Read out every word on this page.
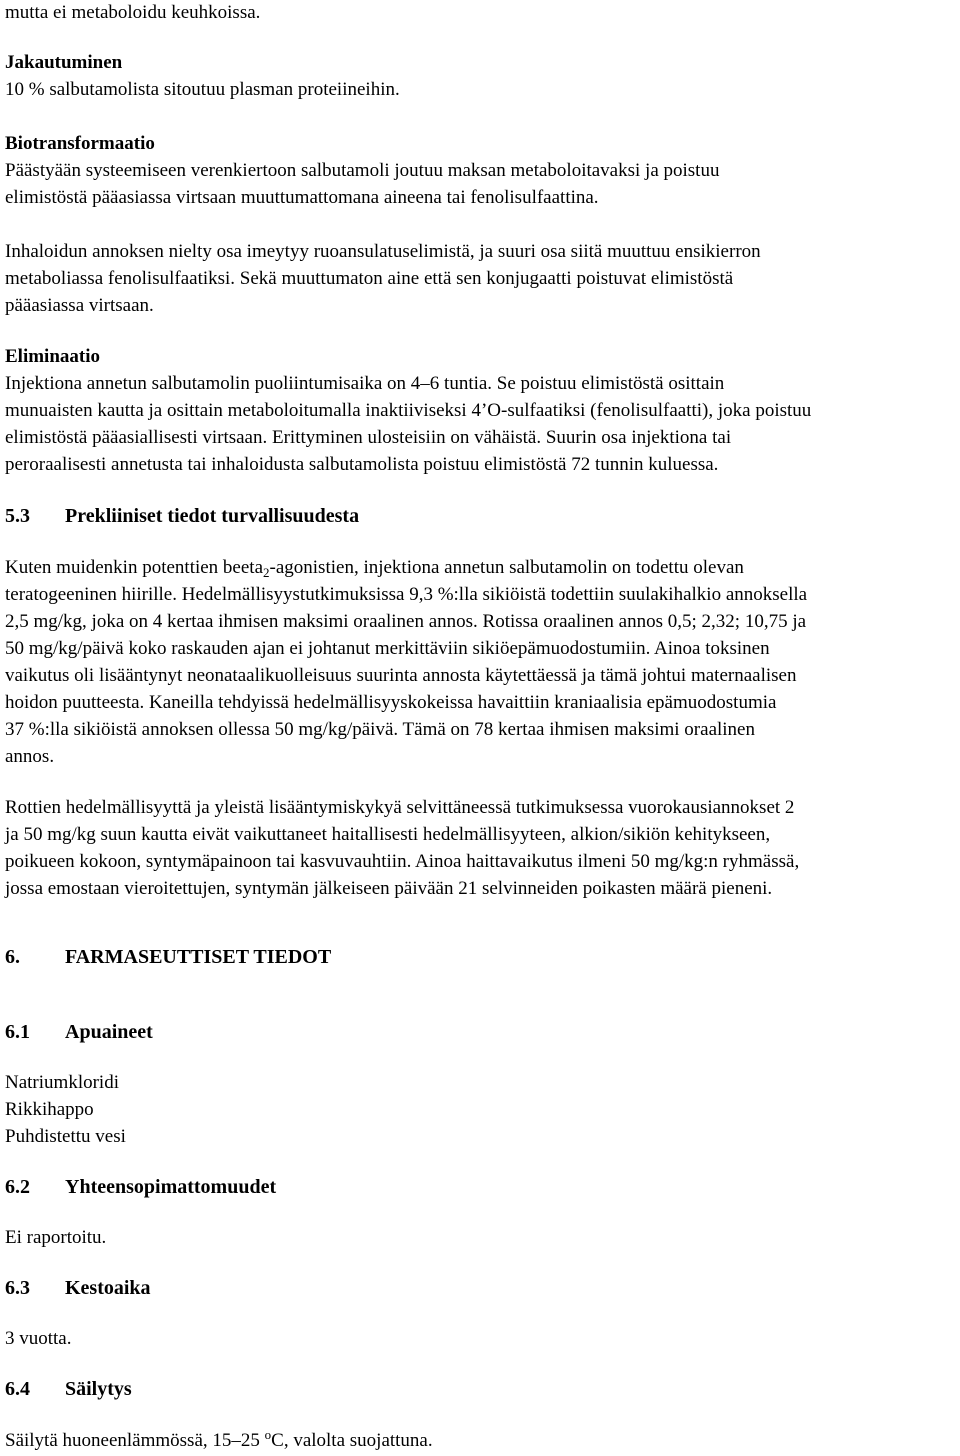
mutta ei metaboloidu keuhkoissa.
Jakautuminen
10 % salbutamolista sitoutuu plasman proteiineihin.
Biotransformaatio
Päästyään systeemiseen verenkiertoon salbutamoli joutuu maksan metaboloitavaksi ja poistuu
elimistöstä pääasiassa virtsaan muuttumattomana aineena tai fenolisulfaattina.
Inhaloidun annoksen nielty osa imeytyy ruoansulatuselimistä, ja suuri osa siitä muuttuu ensikierron
metaboliassa fenolisulfaatiksi. Sekä muuttumaton aine että sen konjugaatti poistuvat elimistöstä
pääasiassa virtsaan.
Eliminaatio
Injektiona annetun salbutamolin puoliintumisaika on 4–6 tuntia. Se poistuu elimistöstä osittain
munuaisten kautta ja osittain metaboloitumalla inaktiiviseksi 4’O-sulfaatiksi (fenolisulfaatti), joka poistuu
elimistöstä pääasiallisesti virtsaan. Erittyminen ulosteisiin on vähäistä. Suurin osa injektiona tai
peroraalisesti annetusta tai inhaloidusta salbutamolista poistuu elimistöstä 72 tunnin kuluessa.
5.3 Prekliiniset tiedot turvallisuudesta
Kuten muidenkin potenttien beeta$_2$-agonistien, injektiona annetun salbutamolin on todettu olevan
teratogeeninen hiirille. Hedelmällisyystutkimuksissa 9,3 %:lla sikiöistä todettiin suulakihalkio annoksella
2,5 mg/kg, joka on 4 kertaa ihmisen maksimi oraalinen annos. Rotissa oraalinen annos 0,5; 2,32; 10,75 ja
50 mg/kg/päivä koko raskauden ajan ei johtanut merkittäviin sikiöepämuodostumiin. Ainoa toksinen
vaikutus oli lisääntynyt neonataalikuolleisuus suurinta annosta käytettäessä ja tämä johtui maternaalisen
hoidon puutteesta. Kaneilla tehdyissä hedelmällisyyskokeissa havaittiin kraniaalisia epämuodostumia
37 %:lla sikiöistä annoksen ollessa 50 mg/kg/päivä. Tämä on 78 kertaa ihmisen maksimi oraalinen
annos.
Rottien hedelmällisyyttä ja yleistä lisääntymiskykyä selvittäneessä tutkimuksessa vuorokausiannokset 2
ja 50 mg/kg suun kautta eivät vaikuttaneet haitallisesti hedelmällisyyteen, alkion/sikiön kehitykseen,
poikueen kokoon, syntymäpainoon tai kasvuvauhtiin. Ainoa haittavaikutus ilmeni 50 mg/kg:n ryhmässä,
jossa emostaan vieroitettujen, syntymän jälkeiseen päivään 21 selvinneiden poikasten määrä pieneni.
6. FARMASEUTTISET TIEDOT
6.1 Apuaineet
Natriumkloridi
Rikkihappo
Puhdistettu vesi
6.2 Yhteensopimattomuudet
Ei raportoitu.
6.3 Kestoaika
3 vuotta.
6.4 Säilytys
Säilytä huoneenlämmössä, 15–25 $^o$C, valolta suojattuna.
